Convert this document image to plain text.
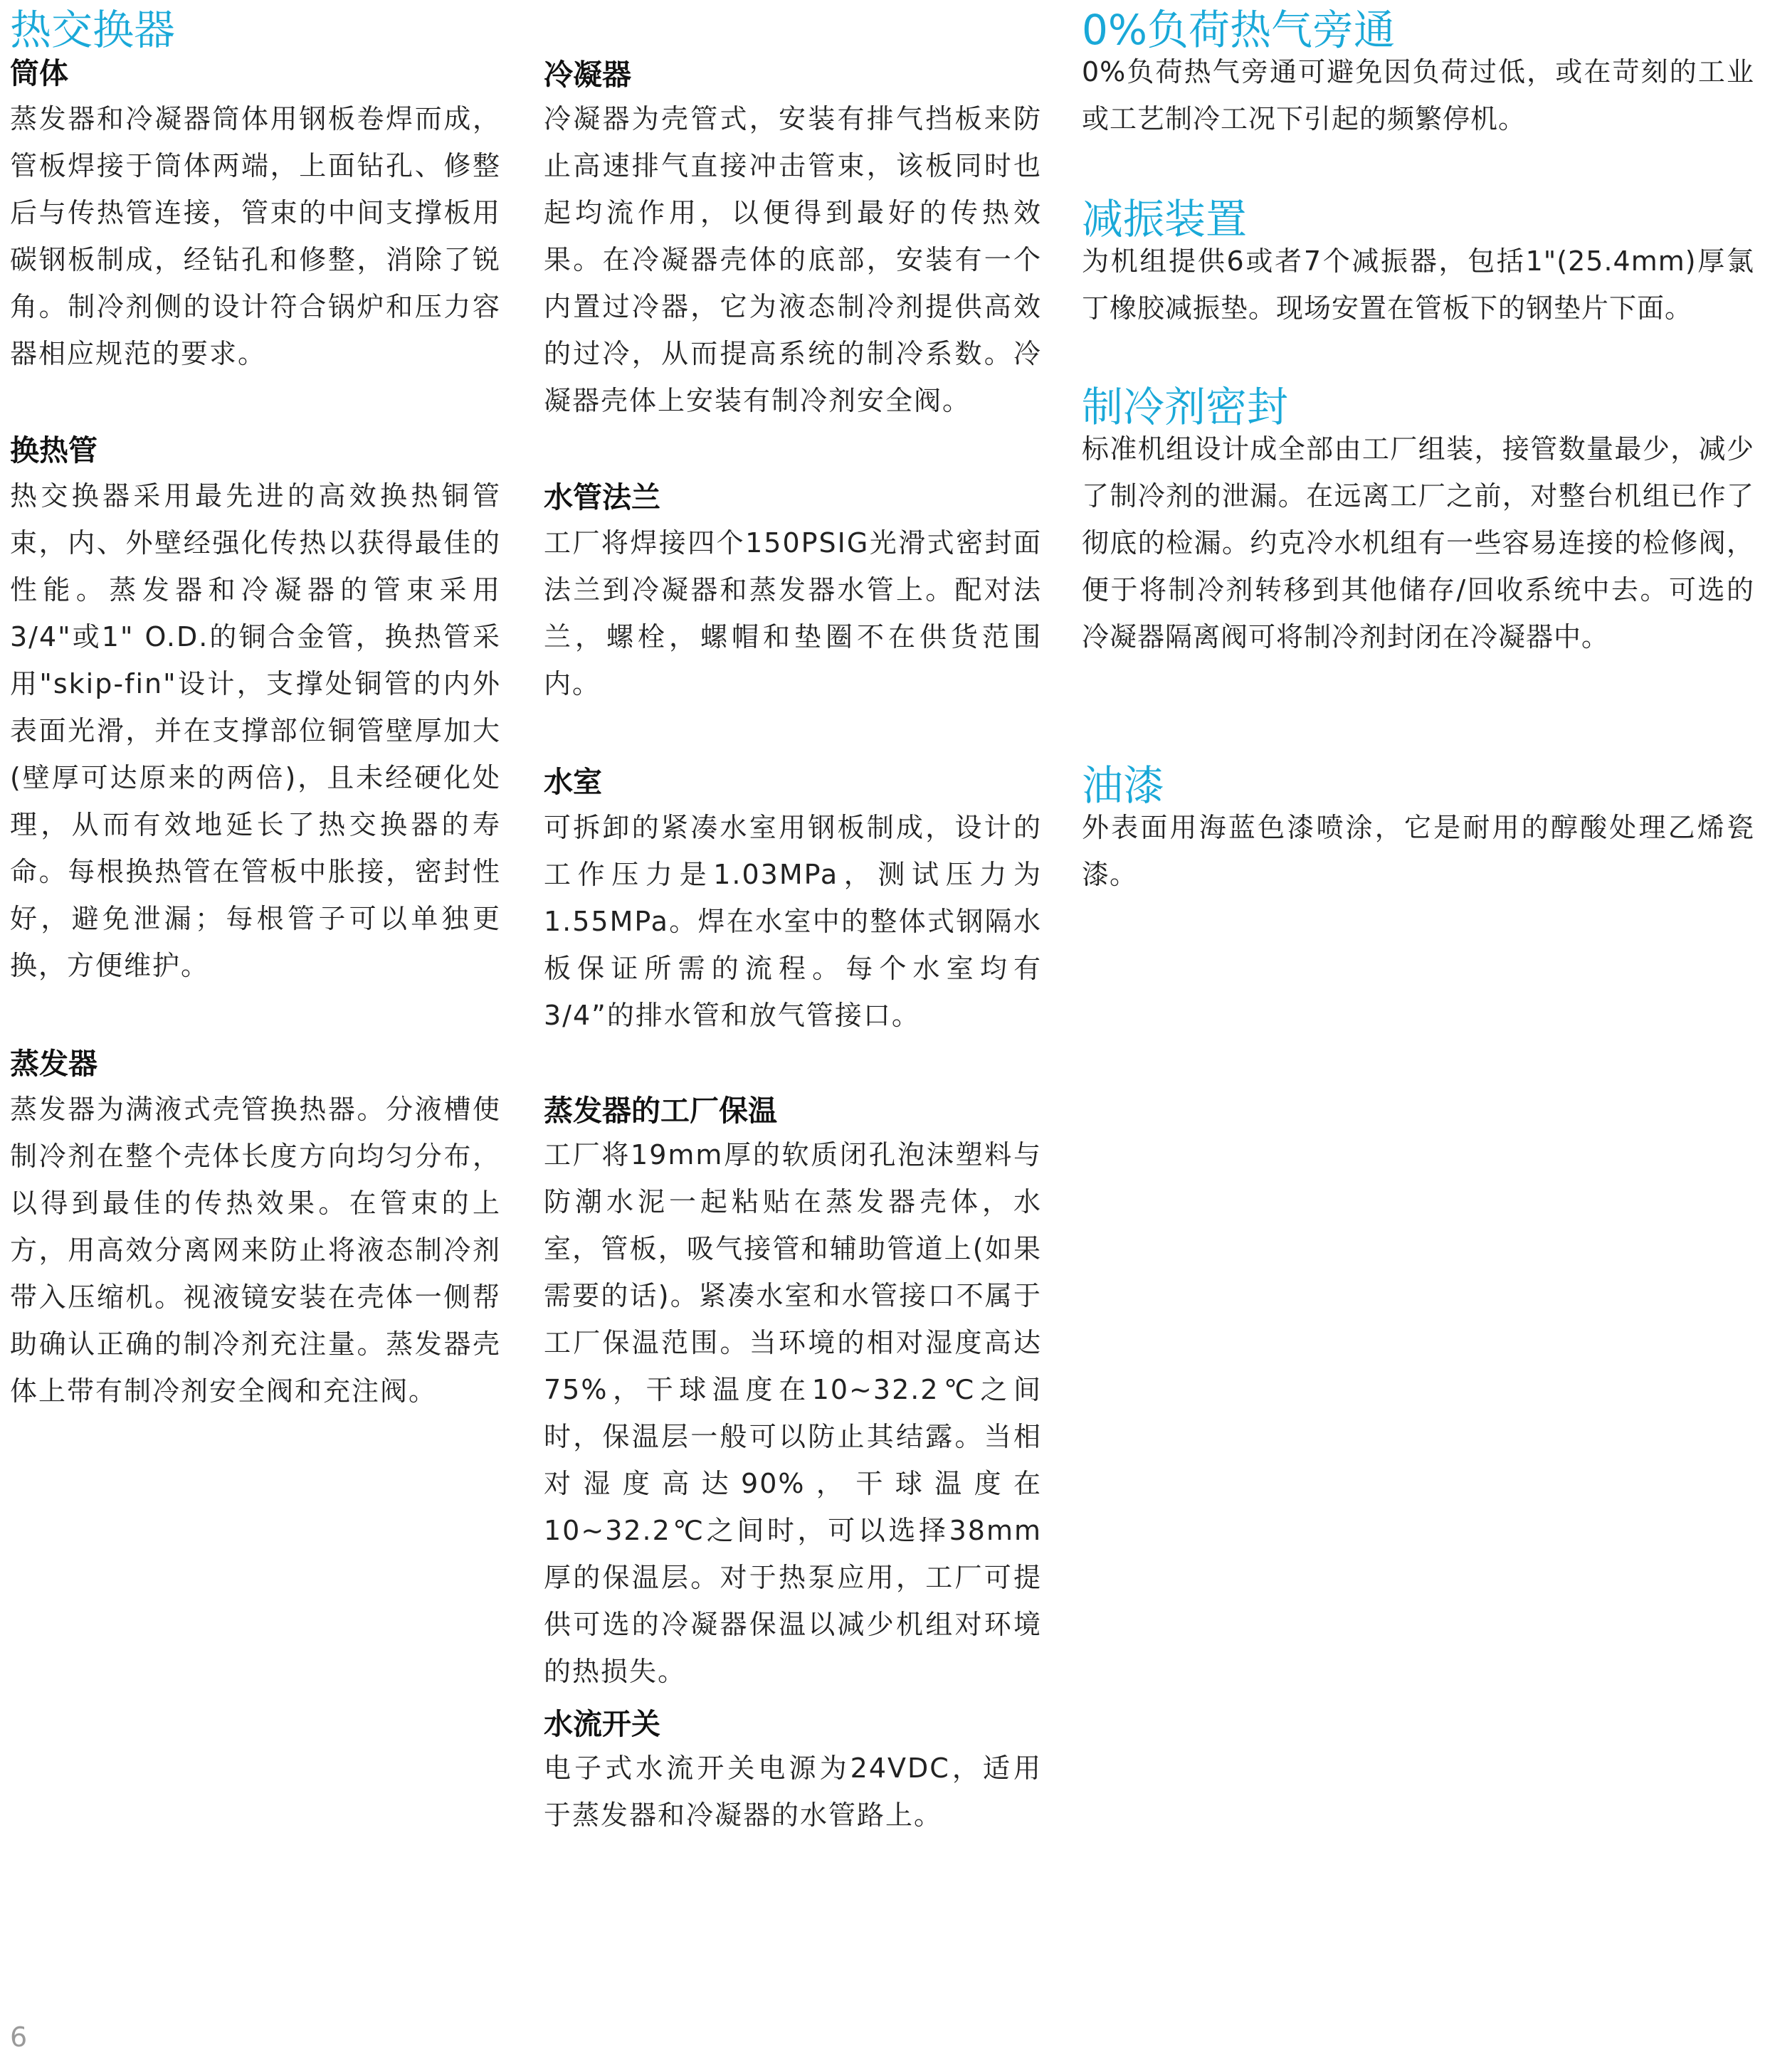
热交换器
筒体

蒸发器和冷凝器筒体用钢板卷焊而成，管板焊接于筒体两端，上面钻孔、修整后与传热管连接，管束的中间支撑板用碳钢板制成，经钻孔和修整，消除了锐角。制冷剂侧的设计符合锅炉和压力容器相应规范的要求。

换热管

热交换器采用最先进的高效换热铜管束，内、外壁经强化传热以获得最佳的性能。蒸发器和冷凝器的管束采用3/4"或1" O.D.的铜合金管，换热管采用"skip-fin"设计，支撑处铜管的内外表面光滑，并在支撑部位铜管壁厚加大(壁厚可达原来的两倍)，且未经硬化处理，从而有效地延长了热交换器的寿命。每根换热管在管板中胀接，密封性好，避免泄漏；每根管子可以单独更换，方便维护。

蒸发器

蒸发器为满液式壳管换热器。分液槽使制冷剂在整个壳体长度方向均匀分布，以得到最佳的传热效果。在管束的上方，用高效分离网来防止将液态制冷剂带入压缩机。视液镜安装在壳体一侧帮助确认正确的制冷剂充注量。蒸发器壳体上带有制冷剂安全阀和充注阀。

冷凝器

冷凝器为壳管式，安装有排气挡板来防止高速排气直接冲击管束，该板同时也起均流作用，以便得到最好的传热效果。在冷凝器壳体的底部，安装有一个内置过冷器，它为液态制冷剂提供高效的过冷，从而提高系统的制冷系数。冷凝器壳体上安装有制冷剂安全阀。

水管法兰

工厂将焊接四个150PSIG光滑式密封面法兰到冷凝器和蒸发器水管上。配对法兰，螺栓，螺帽和垫圈不在供货范围内。

水室

可拆卸的紧凑水室用钢板制成，设计的工作压力是1.03MPa，测试压力为1.55MPa。焊在水室中的整体式钢隔水板保证所需的流程。每个水室均有3/4”的排水管和放气管接口。

蒸发器的工厂保温

工厂将19mm厚的软质闭孔泡沫塑料与防潮水泥一起粘贴在蒸发器壳体，水室，管板，吸气接管和辅助管道上(如果需要的话)。紧凑水室和水管接口不属于工厂保温范围。当环境的相对湿度高达75%，干球温度在10~32.2℃之间时，保温层一般可以防止其结露。当相对湿度高达90%，干球温度在10~32.2℃之间时，可以选择38mm厚的保温层。对于热泵应用，工厂可提供可选的冷凝器保温以减少机组对环境的热损失。

水流开关

电子式水流开关电源为24VDC，适用于蒸发器和冷凝器的水管路上。

0%负荷热气旁通

0%负荷热气旁通可避免因负荷过低，或在苛刻的工业或工艺制冷工况下引起的频繁停机。

减振装置

为机组提供6或者7个减振器，包括1"(25.4mm)厚氯丁橡胶减振垫。现场安置在管板下的钢垫片下面。

制冷剂密封

标准机组设计成全部由工厂组装，接管数量最少，减少了制冷剂的泄漏。在远离工厂之前，对整台机组已作了彻底的检漏。约克冷水机组有一些容易连接的检修阀，便于将制冷剂转移到其他储存/回收系统中去。可选的冷凝器隔离阀可将制冷剂封闭在冷凝器中。

油漆

外表面用海蓝色漆喷涂，它是耐用的醇酸处理乙烯瓷漆。

6
